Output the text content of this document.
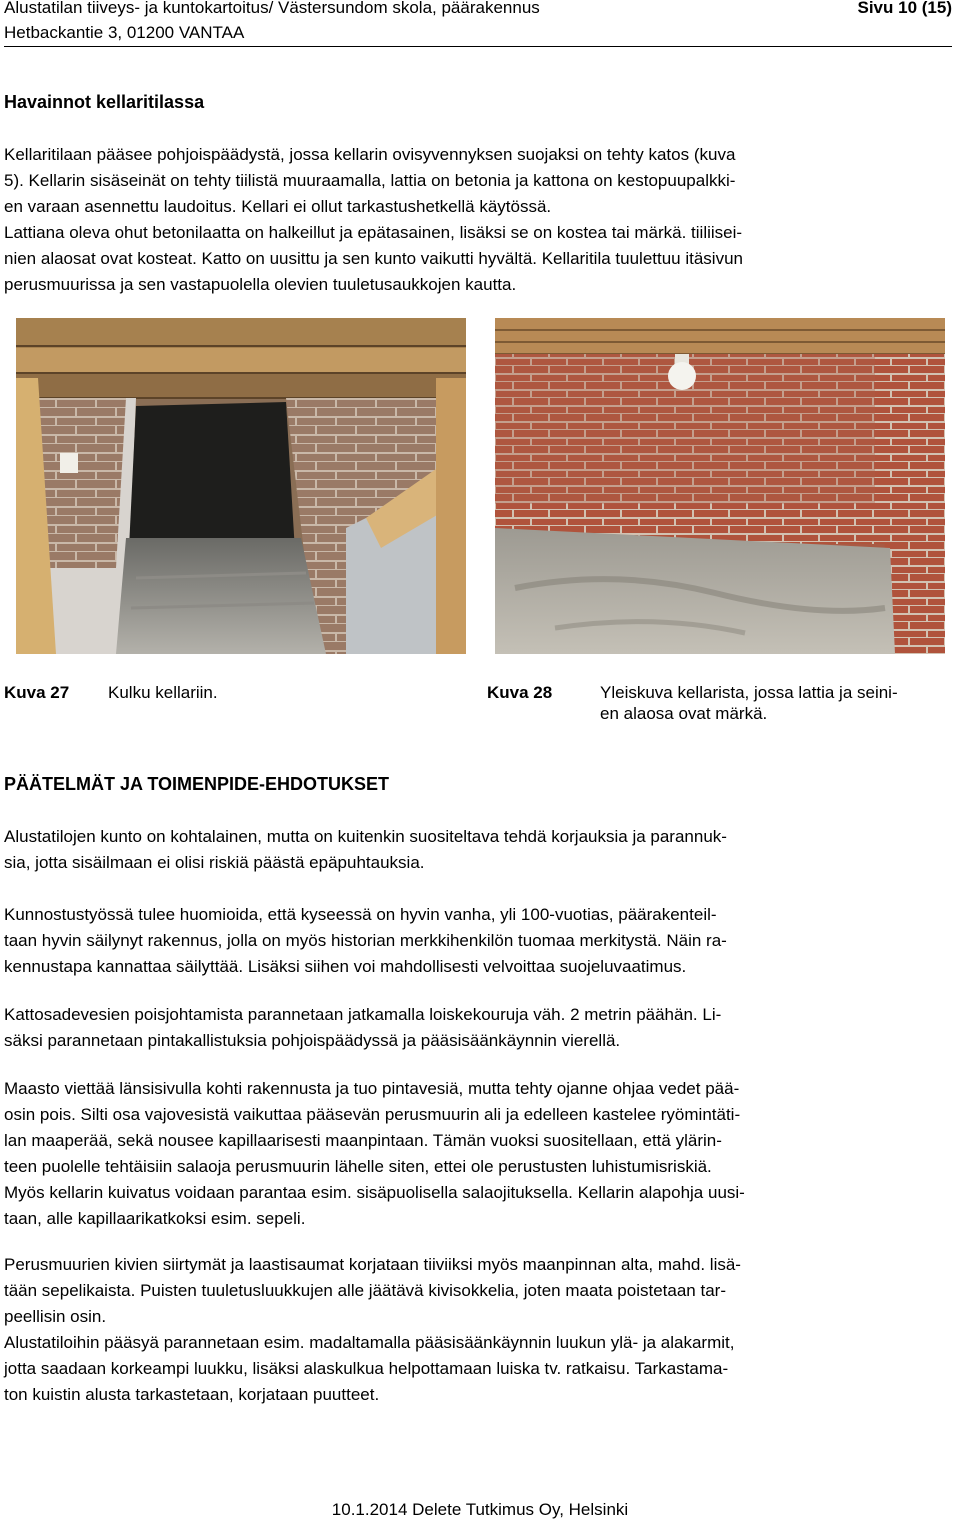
Alustatilan tiiveys- ja kuntokartoitus/ Västersundom skola, päärakennus
Hetbackantie 3, 01200 VANTAA
Sivu 10 (15)
Havainnot kellaritilassa
Kellaritilaan pääsee pohjoispäädystä, jossa kellarin ovisyvennyksen suojaksi on tehty katos (kuva
5). Kellarin sisäseinät on tehty tiilistä muuraamalla, lattia on betonia ja kattona on kestopuupalkki-
en varaan asennettu laudoitus. Kellari ei ollut tarkastushetkellä käytössä.
Lattiana oleva ohut betonilaatta on halkeillut ja epätasainen, lisäksi se on kostea tai märkä. tiiliisei-
nien alaosat ovat kosteat. Katto on uusittu ja sen kunto vaikutti hyvältä. Kellaritila tuulettuu itäsivun
perusmuurissa ja sen vastapuolella olevien tuuletusaukkojen kautta.
Kuva 27 Kulku kellariin.	Kuva 28	Yleiskuva kellarista, jossa lattia ja seini-
en alaosa ovat märkä.
PÄÄTELMÄT JA TOIMENPIDE-EHDOTUKSET
Alustatilojen kunto on kohtalainen, mutta on kuitenkin suositeltava tehdä korjauksia ja parannuk-
sia, jotta sisäilmaan ei olisi riskiä päästä epäpuhtauksia.
Kunnostustyössä tulee huomioida, että kyseessä on hyvin vanha, yli 100-vuotias, päärakenteil-
taan hyvin säilynyt rakennus, jolla on myös historian merkkihenkilön tuomaa merkitystä. Näin ra-
kennustapa kannattaa säilyttää. Lisäksi siihen voi mahdollisesti velvoittaa suojeluvaatimus.
Kattosadevesien poisjohtamista parannetaan jatkamalla loiskekouruja väh. 2 metrin päähän. Li-
säksi parannetaan pintakallistuksia pohjoispäädyssä ja pääsisäänkäynnin vierellä.
Maasto viettää länsisivulla kohti rakennusta ja tuo pintavesiä, mutta tehty ojanne ohjaa vedet pää-
osin pois. Silti osa vajovesistä vaikuttaa pääsevän perusmuurin ali ja edelleen kastelee ryömintäti-
lan maaperää, sekä nousee kapillaarisesti maanpintaan. Tämän vuoksi suositellaan, että ylärin-
teen puolelle tehtäisiin salaoja perusmuurin lähelle siten, ettei ole perustusten luhistumisriskiä.
Myös kellarin kuivatus voidaan parantaa esim. sisäpuolisella salaojituksella. Kellarin alapohja uusi-
taan, alle kapillaarikatkoksi esim. sepeli.
Perusmuurien kivien siirtymät ja laastisaumat korjataan tiiviiksi myös maanpinnan alta, mahd. lisä-
tään sepelikaista. Puisten tuuletusluukkujen alle jäätävä kivisokkelia, joten maata poistetaan tar-
peellisin osin.
Alustatiloihin pääsyä parannetaan esim. madaltamalla pääsisäänkäynnin luukun ylä- ja alakarmit,
jotta saadaan korkeampi luukku, lisäksi alaskulkua helpottamaan luiska tv. ratkaisu. Tarkastama-
ton kuistin alusta tarkastetaan, korjataan puutteet.
10.1.2014 Delete Tutkimus Oy, Helsinki
